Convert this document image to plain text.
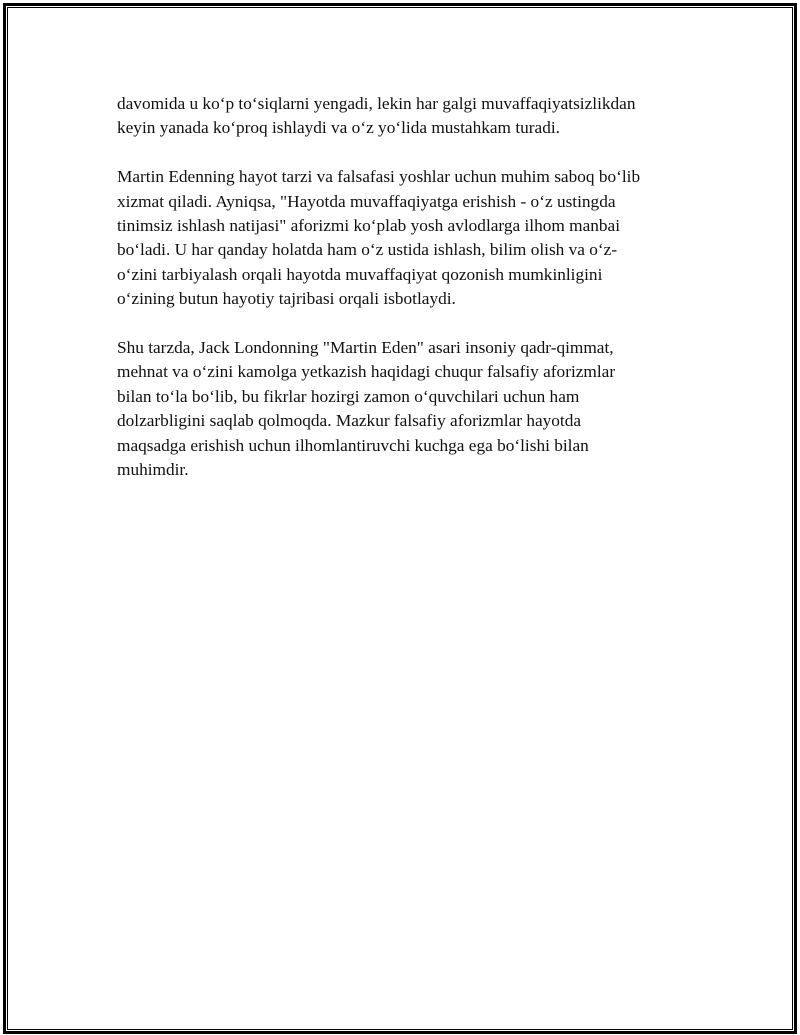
davomida u ko‘p to‘siqlarni yengadi, lekin har galgi muvaffaqiyatsizlikdan
keyin yanada ko‘proq ishlaydi va o‘z yo‘lida mustahkam turadi.

Martin Edenning hayot tarzi va falsafasi yoshlar uchun muhim saboq bo‘lib
xizmat qiladi. Ayniqsa, "Hayotda muvaffaqiyatga erishish - o‘z ustingda
tinimsiz ishlash natijasi" aforizmi ko‘plab yosh avlodlarga ilhom manbai
bo‘ladi. U har qanday holatda ham o‘z ustida ishlash, bilim olish va o‘z-
o‘zini tarbiyalash orqali hayotda muvaffaqiyat qozonish mumkinligini
o‘zining butun hayotiy tajribasi orqali isbotlaydi.

Shu tarzda, Jack Londonning "Martin Eden" asari insoniy qadr-qimmat,
mehnat va o‘zini kamolga yetkazish haqidagi chuqur falsafiy aforizmlar
bilan to‘la bo‘lib, bu fikrlar hozirgi zamon o‘quvchilari uchun ham
dolzarbligini saqlab qolmoqda. Mazkur falsafiy aforizmlar hayotda
maqsadga erishish uchun ilhomlantiruvchi kuchga ega bo‘lishi bilan
muhimdir.
